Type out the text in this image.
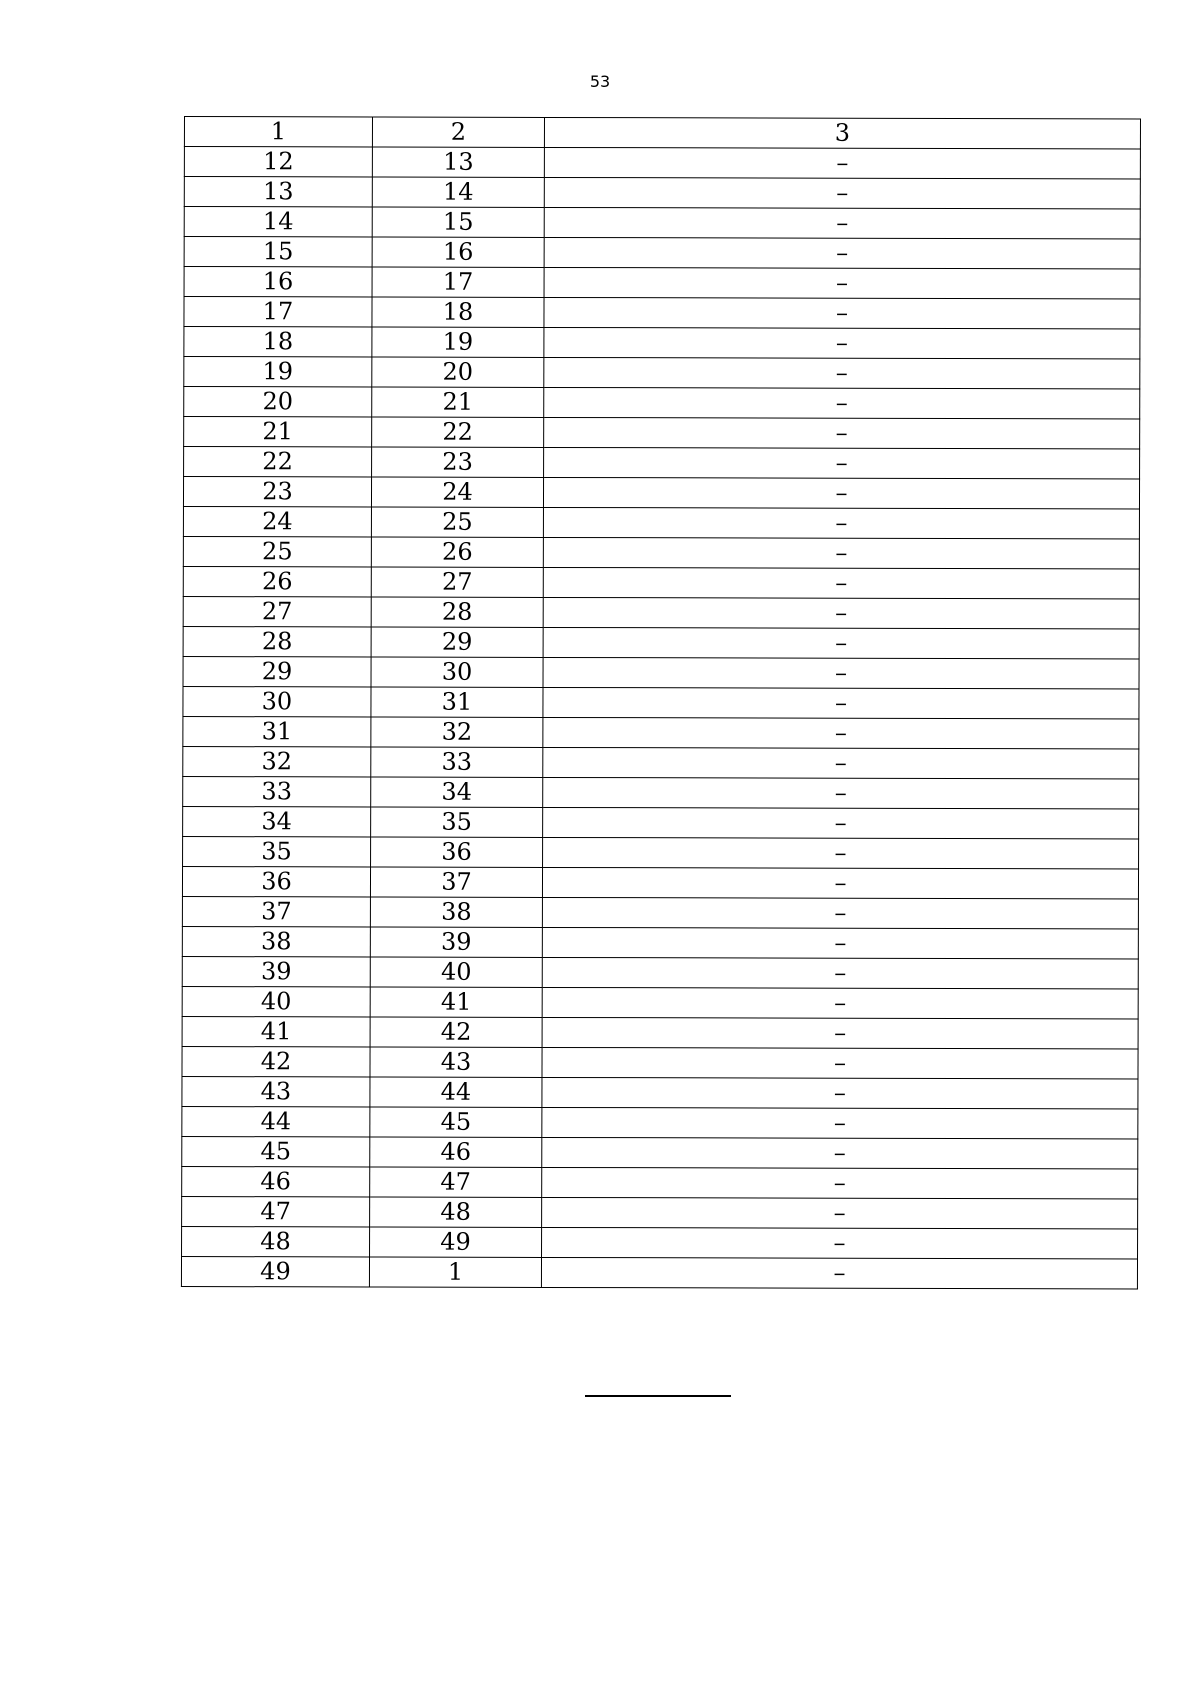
53
1	2	3
12	13	–
13	14	–
14	15	–
15	16	–
16	17	–
17	18	–
18	19	–
19	20	–
20	21	–
21	22	–
22	23	–
23	24	–
24	25	–
25	26	–
26	27	–
27	28	–
28	29	–
29	30	–
30	31	–
31	32	–
32	33	–
33	34	–
34	35	–
35	36	–
36	37	–
37	38	–
38	39	–
39	40	–
40	41	–
41	42	–
42	43	–
43	44	–
44	45	–
45	46	–
46	47	–
47	48	–
48	49	–
49	1	–
